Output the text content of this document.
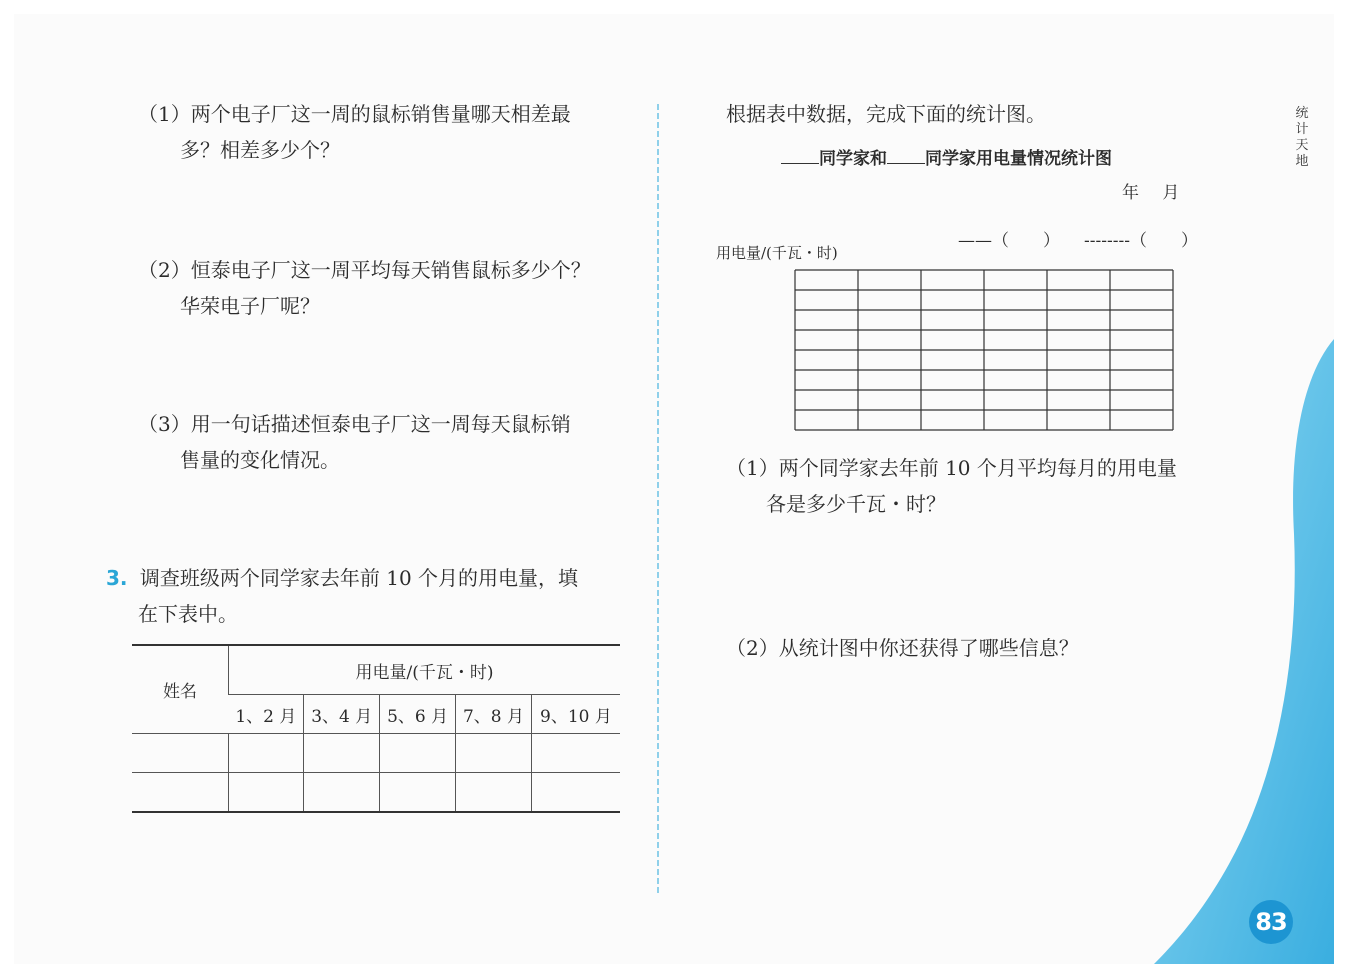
（1）两个电子厂这一周的鼠标销售量哪天相差最
多？相差多少个？
（2）恒泰电子厂这一周平均每天销售鼠标多少个？
华荣电子厂呢？
（3）用一句话描述恒泰电子厂这一周每天鼠标销
售量的变化情况。
3. 调查班级两个同学家去年前 10 个月的用电量，填
在下表中。
姓名	用电量/(千瓦・时)				
	1、2 月	3、4 月	5、6 月	7、8 月	9、10 月

根据表中数据，完成下面的统计图。
同学家和 同学家用电量情况统计图
年 月
——（　　） --------（　　）
用电量/(千瓦・时)
（1）两个同学家去年前 10 个月平均每月的用电量
各是多少千瓦・时？
（2）从统计图中你还获得了哪些信息？
统
计
天
地
83
